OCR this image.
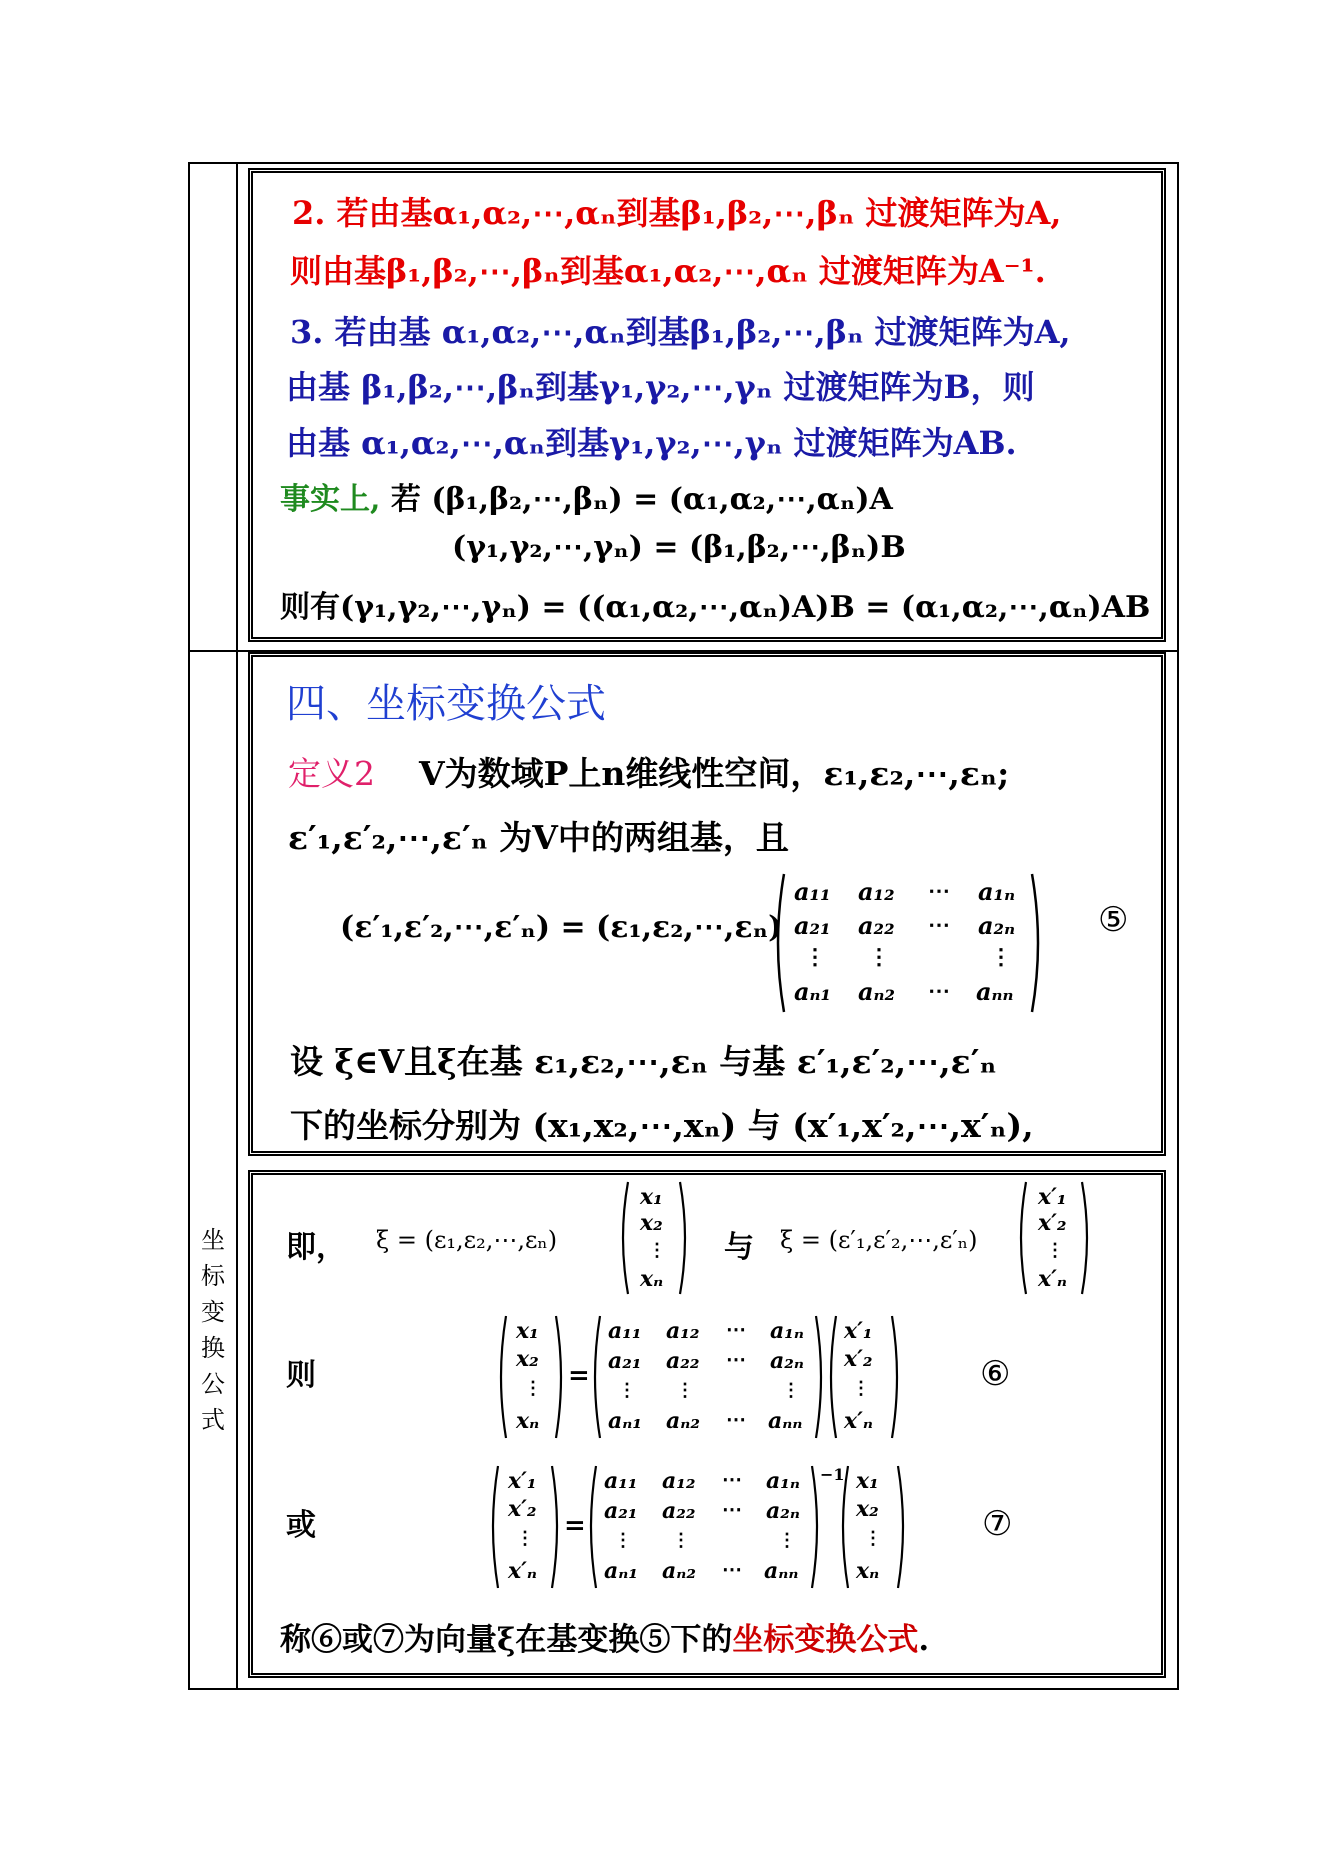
坐
标
变
换
公
式
2. 若由基α₁,α₂,⋯,αₙ到基β₁,β₂,⋯,βₙ 过渡矩阵为A,
则由基β₁,β₂,⋯,βₙ到基α₁,α₂,⋯,αₙ 过渡矩阵为A⁻¹.
3. 若由基 α₁,α₂,⋯,αₙ到基β₁,β₂,⋯,βₙ 过渡矩阵为A,
由基 β₁,β₂,⋯,βₙ到基γ₁,γ₂,⋯,γₙ 过渡矩阵为B，则
由基 α₁,α₂,⋯,αₙ到基γ₁,γ₂,⋯,γₙ 过渡矩阵为AB.
事实上, 若 (β₁,β₂,⋯,βₙ) = (α₁,α₂,⋯,αₙ)A
(γ₁,γ₂,⋯,γₙ) = (β₁,β₂,⋯,βₙ)B
则有(γ₁,γ₂,⋯,γₙ) = ((α₁,α₂,⋯,αₙ)A)B = (α₁,α₂,⋯,αₙ)AB
四、坐标变换公式
定义2 V为数域P上n维线性空间，ε₁,ε₂,⋯,εₙ;
ε′₁,ε′₂,⋯,ε′ₙ 为V中的两组基，且
(ε′₁,ε′₂,⋯,ε′ₙ) = (ε₁,ε₂,⋯,εₙ)
a₁₁ a₁₂ ⋯ a₁ₙ
a₂₁ a₂₂ ⋯ a₂ₙ
⋮ ⋮	⋮
aₙ₁ aₙ₂ ⋯ aₙₙ
⑤
设 ξ∈V且ξ在基 ε₁,ε₂,⋯,εₙ 与基 ε′₁,ε′₂,⋯,ε′ₙ
下的坐标分别为 (x₁,x₂,⋯,xₙ) 与 (x′₁,x′₂,⋯,x′ₙ),
即， ξ = (ε₁,ε₂,⋯,εₙ)
x₁
x₂
⋮
xₙ
与 ξ = (ε′₁,ε′₂,⋯,ε′ₙ)
x′₁
x′₂
⋮
x′ₙ
则
x₁
x₂
⋮
xₙ
=
a₁₁ a₁₂ ⋯ a₁ₙ
a₂₁ a₂₂ ⋯ a₂ₙ
⋮ ⋮	⋮
aₙ₁ aₙ₂ ⋯ aₙₙ
x′₁
x′₂
⋮
x′ₙ
⑥
或
x′₁
x′₂
⋮
x′ₙ
=
a₁₁ a₁₂ ⋯ a₁ₙ
a₂₁ a₂₂ ⋯ a₂ₙ
⋮ ⋮	⋮
aₙ₁ aₙ₂ ⋯ aₙₙ
−1 x₁
x₂
⋮
xₙ
⑦
称⑥或⑦为向量ξ在基变换⑤下的坐标变换公式.
